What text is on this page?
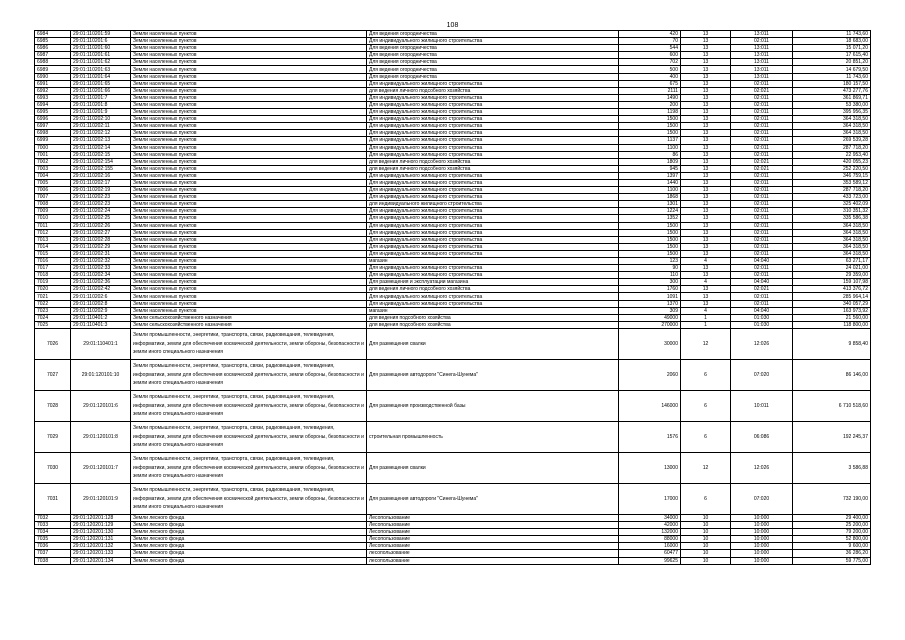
108
6984	29:01:110201:59	Земли населенных пунктов	Для ведения огородничества	420	13	13:011	11 743,60
6985	29:01:110201:6	Земли населенных пунктов	Для индивидуального жилищного строительства	70	13	02:011	18 683,00
6986	29:01:110201:60	Земли населенных пунктов	Для ведения огородничества	544	13	13:011	15 071,20
6987	29:01:110201:61	Земли населенных пунктов	Для ведения огородничества	600	13	13:011	17 615,40
6988	29:01:110201:62	Земли населенных пунктов	Для ведения огородничества	702	13	13:011	20 851,20
6989	29:01:110201:63	Земли населенных пунктов	Для ведения огородничества	500	13	13:011	14 679,50
6990	29:01:110201:64	Земли населенных пунктов	Для ведения огородничества	400	13	13:011	11 743,60
6991	29:01:110201:65	Земли населенных пунктов	Для индивидуального жилищного строительства	675	13	02:011	180 157,50
6992	29:01:110201:66	Земли населенных пунктов	для ведения личного подсобного хозяйства	2111	13	02:021	473 277,76
6993	29:01:110201:7	Земли населенных пунктов	Для индивидуального жилищного строительства	1490	13	02:011	361 869,71
6994	29:01:110201:8	Земли населенных пунктов	Для индивидуального жилищного строительства	200	13	02:011	53 380,00
6995	29:01:110201:9	Земли населенных пунктов	Для индивидуального жилищного строительства	1198	13	02:011	395 956,35
6996	29:01:110202:10	Земли населенных пунктов	Для индивидуального жилищного строительства	1500	13	02:011	364 318,50
6997	29:01:110202:11	Земли населенных пунктов	Для индивидуального жилищного строительства	1500	13	02:011	364 318,50
6998	29:01:110202:12	Земли населенных пунктов	Для индивидуального жилищного строительства	1500	13	02:011	364 318,50
6999	29:01:110202:13	Земли населенных пунктов	Для индивидуального жилищного строительства	1137	13	02:011	269 539,28
7000	29:01:110202:14	Земли населенных пунктов	Для индивидуального жилищного строительства	1100	13	02:011	287 718,20
7001	29:01:110202:15	Земли населенных пунктов	Для индивидуального жилищного строительства	86	13	02:011	22 953,40
7002	29:01:110202:154	Земли населенных пунктов	для ведения личного подсобного хозяйства	1809	13	02:021	420 055,23
7003	29:01:110202:155	Земли населенных пунктов	для ведения личного подсобного хозяйства	945	13	02:021	252 220,50
7004	29:01:110202:16	Земли населенных пунктов	Для индивидуального жилищного строительства	1397	13	02:011	346 759,15
7005	29:01:110202:17	Земли населенных пунктов	Для индивидуального жилищного строительства	1440	13	02:011	353 589,12
7006	29:01:110202:19	Земли населенных пунктов	Для индивидуального жилищного строительства	1100	13	02:011	287 718,20
7007	29:01:110202:23	Земли населенных пунктов	Для индивидуального жилищного строительства	1868	13	02:011	433 723,00
7008	29:01:110202:23	Земли населенных пунктов	для индивидуального жилищного строительства	1301	13	02:011	325 402,09
7009	29:01:110202:24	Земли населенных пунктов	Для индивидуального жилищного строительства	1224	13	02:011	310 351,32
7010	29:01:110202:25	Земли населенных пунктов	Для индивидуального жилищного строительства	1352	13	02:011	335 586,38
7011	29:01:110202:26	Земли населенных пунктов	Для индивидуального жилищного строительства	1500	13	02:011	364 318,50
7012	29:01:110202:27	Земли населенных пунктов	Для индивидуального жилищного строительства	1500	13	02:011	364 318,50
7013	29:01:110202:28	Земли населенных пунктов	Для индивидуального жилищного строительства	1500	13	02:011	364 318,50
7014	29:01:110202:29	Земли населенных пунктов	Для индивидуального жилищного строительства	1500	13	02:011	364 318,50
7015	29:01:110202:31	Земли населенных пунктов	Для индивидуального жилищного строительства	1500	13	02:011	364 318,50
7016	29:01:110202:32	Земли населенных пунктов	магазин	123	4	04:040	63 271,17
7017	29:01:110202:33	Земли населенных пунктов	Для индивидуального жилищного строительства	90	13	02:011	24 021,00
7018	29:01:110202:34	Земли населенных пунктов	Для индивидуального жилищного строительства	110	13	02:011	29 359,00
7019	29:01:110202:36	Земли населенных пунктов	Для размещения и эксплуатации магазина	300	4	04:040	159 107,98
7020	29:01:110202:42	Земли населенных пунктов	для ведения личного подсобного хозяйства	1760	13	02:021	413 376,72
7021	29:01:110202:6	Земли населенных пунктов	Для индивидуального жилищного строительства	1091	13	02:011	285 964,14
7022	29:01:110202:8	Земли населенных пунктов	Для индивидуального жилищного строительства	1370	13	02:011	340 057,29
7023	29:01:110202:9	Земли населенных пунктов	магазин	309	4	04:040	163 973,92
7024	29:01:110401:2	Земли сельскохозяйственного назначения	для ведения подсобного хозяйства	49000	1	01:030	21 560,00
7025	29:01:110401:3	Земли сельскохозяйственного назначения	для ведения подсобного хозяйства	270000	1	01:030	118 800,00
7026	29:01:110401:1	Земли промышленности, энергетики, транспорта, связи, радиовещания, телевидения, информатики, земли для обеспечения космической деятельности, земли обороны, безопасности и земли иного специального назначения	Для размещения свалки	30000	12	12:026	9 858,40
7027	29:01:120101:10	Земли промышленности, энергетики, транспорта, связи, радиовещания, телевидения, информатики, земли для обеспечения космической деятельности, земли обороны, безопасности и земли иного специального назначения	Для размещения автодороги "Синега-Шунема"	2060	6	07:020	86 146,00
7028	29:01:120101:6	Земли промышленности, энергетики, транспорта, связи, радиовещания, телевидения, информатики, земли для обеспечения космической деятельности, земли обороны, безопасности и земли иного специального назначения	Для размещения производственной базы	146000	6	10:011	6 710 518,60
7029	29:01:120101:8	Земли промышленности, энергетики, транспорта, связи, радиовещания, телевидения, информатики, земли для обеспечения космической деятельности, земли обороны, безопасности и земли иного специального назначения	строительная промышленность	1576	6	06:086	192 245,37
7030	29:01:120101:7	Земли промышленности, энергетики, транспорта, связи, радиовещания, телевидения, информатики, земли для обеспечения космической деятельности, земли обороны, безопасности и земли иного специального назначения	Для размещения свалки	13000	12	12:026	3 586,88
7031	29:01:120101:9	Земли промышленности, энергетики, транспорта, связи, радиовещания, телевидения, информатики, земли для обеспечения космической деятельности, земли обороны, безопасности и земли иного специального назначения	Для размещения автодороги "Синега-Шунема"	17000	6	07:020	732 190,00
7032	29:01:120201:128	Земли лесного фонда	Лесопользование	34000	10	10:000	29 400,00
7033	29:01:120201:129	Земли лесного фонда	Лесопользование	42000	10	10:000	25 200,00
7034	29:01:120201:130	Земли лесного фонда	Лесопользование	132000	10	10:000	79 200,00
7035	29:01:120201:131	Земли лесного фонда	Лесопользование	88000	10	10:000	52 800,00
7036	29:01:120201:132	Земли лесного фонда	Лесопользование	16000	10	10:000	9 600,00
7037	29:01:120201:133	Земли лесного фонда	лесопользование	60477	10	10:000	36 286,20
7038	29:01:120201:134	Земли лесного фонда	лесопользование	99625	10	10:000	59 775,00
